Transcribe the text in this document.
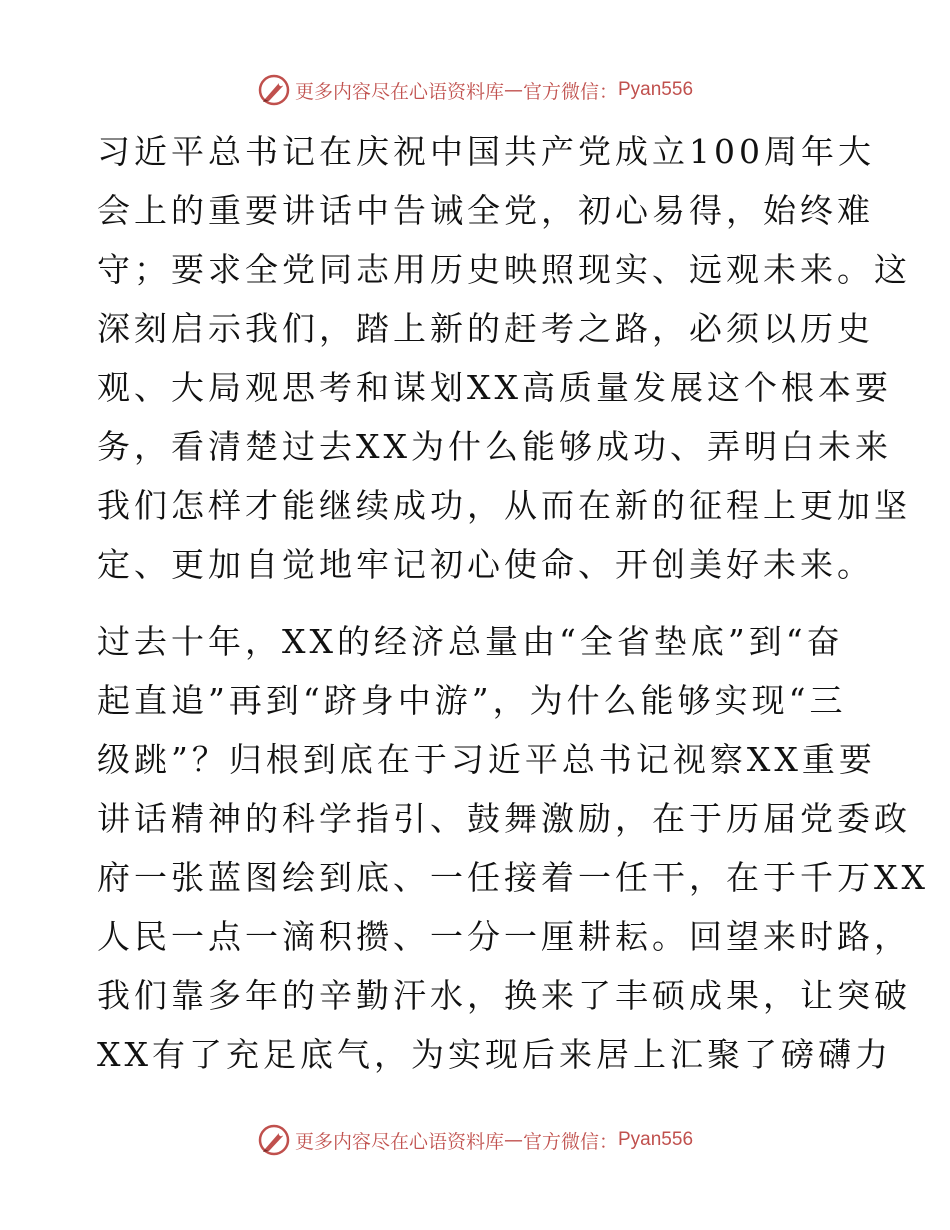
更多内容尽在心语资料库 — 官方微信： Pyan556
习近平总书记在庆祝中国共产党成立100周年大
会上的重要讲话中告诫全党，初心易得，始终难
守；要求全党同志用历史映照现实、远观未来。这
深刻启示我们，踏上新的赶考之路，必须以历史
观、大局观思考和谋划XX高质量发展这个根本要
务，看清楚过去XX为什么能够成功、弄明白未来
我们怎样才能继续成功，从而在新的征程上更加坚
定、更加自觉地牢记初心使命、开创美好未来。
过去十年，XX的经济总量由“全省垫底”到“奋
起直追”再到“跻身中游”，为什么能够实现“三
级跳”？归根到底在于习近平总书记视察XX重要
讲话精神的科学指引、鼓舞激励，在于历届党委政
府一张蓝图绘到底、一任接着一任干，在于千万XX
人民一点一滴积攒、一分一厘耕耘。回望来时路，
我们靠多年的辛勤汗水，换来了丰硕成果，让突破
XX有了充足底气，为实现后来居上汇聚了磅礴力
更多内容尽在心语资料库 — 官方微信： Pyan556
